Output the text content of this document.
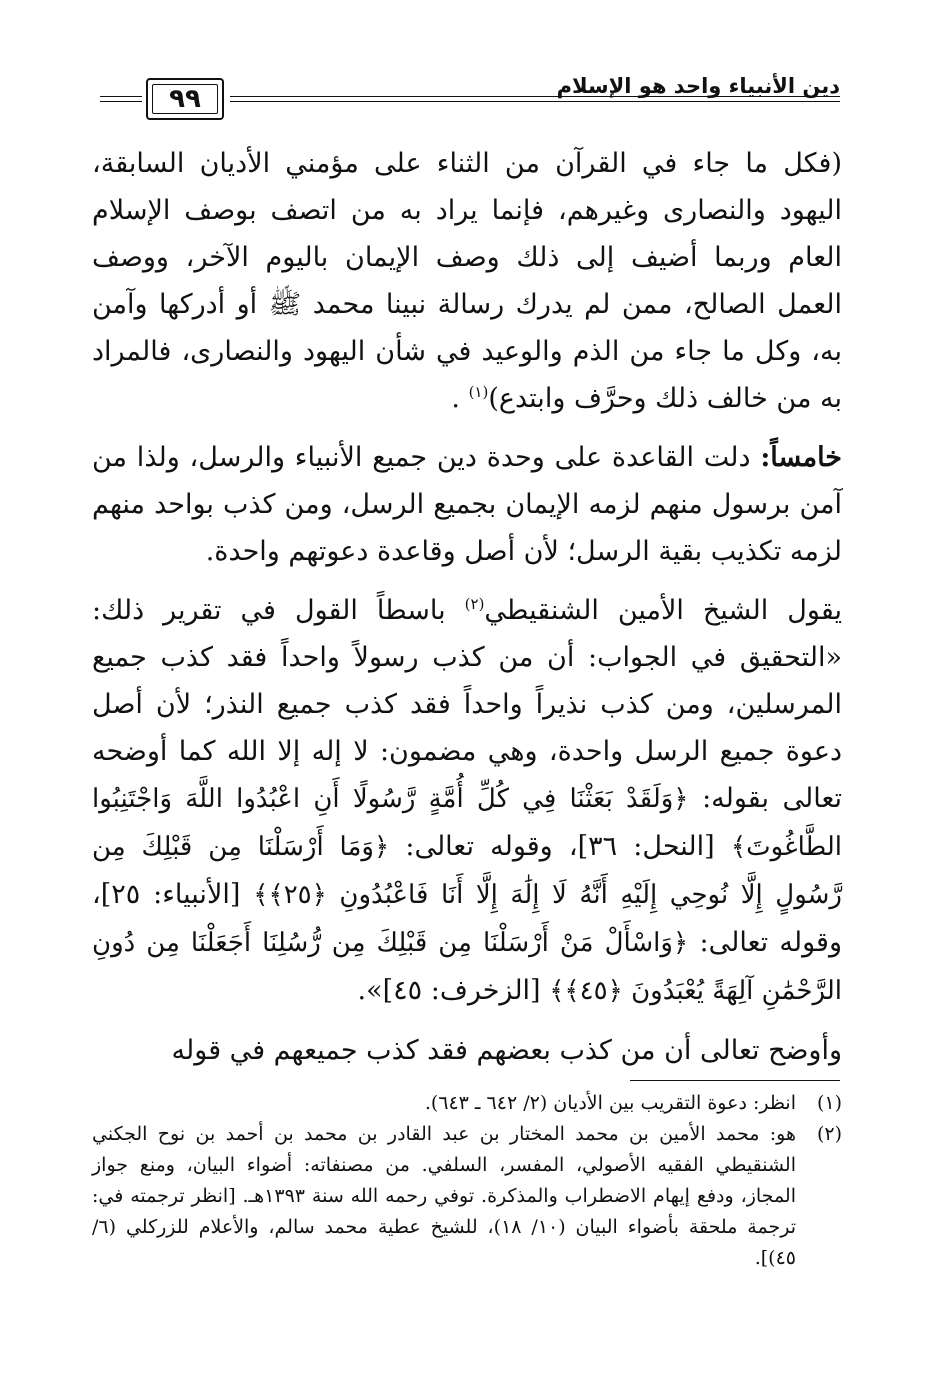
دين الأنبياء واحد هو الإسلام
٩٩

(فكل ما جاء في القرآن من الثناء على مؤمني الأديان السابقة، اليهود والنصارى وغيرهم، فإنما يراد به من اتصف بوصف الإسلام العام وربما أضيف إلى ذلك وصف الإيمان باليوم الآخر، ووصف العمل الصالح، ممن لم يدرك رسالة نبينا محمد ﷺ أو أدركها وآمن به، وكل ما جاء من الذم والوعيد في شأن اليهود والنصارى، فالمراد به من خالف ذلك وحرَّف وابتدع)$^{(١)}$ .

خامساً: دلت القاعدة على وحدة دين جميع الأنبياء والرسل، ولذا من آمن برسول منهم لزمه الإيمان بجميع الرسل، ومن كذب بواحد منهم لزمه تكذيب بقية الرسل؛ لأن أصل وقاعدة دعوتهم واحدة.

يقول الشيخ الأمين الشنقيطي$^{(٢)}$ باسطاً القول في تقرير ذلك: «التحقيق في الجواب: أن من كذب رسولاً واحداً فقد كذب جميع المرسلين، ومن كذب نذيراً واحداً فقد كذب جميع النذر؛ لأن أصل دعوة جميع الرسل واحدة، وهي مضمون: لا إله إلا الله كما أوضحه تعالى بقوله: ﴿وَلَقَدْ بَعَثْنَا فِي كُلِّ أُمَّةٍ رَّسُولًا أَنِ اعْبُدُوا اللَّهَ وَاجْتَنِبُوا الطَّاغُوتَ﴾ [النحل: ٣٦]، وقوله تعالى: ﴿وَمَا أَرْسَلْنَا مِن قَبْلِكَ مِن رَّسُولٍ إِلَّا نُوحِي إِلَيْهِ أَنَّهُ لَا إِلَٰهَ إِلَّا أَنَا فَاعْبُدُونِ ﴿٢٥﴾﴾ [الأنبياء: ٢٥]، وقوله تعالى: ﴿وَاسْأَلْ مَنْ أَرْسَلْنَا مِن قَبْلِكَ مِن رُّسُلِنَا أَجَعَلْنَا مِن دُونِ الرَّحْمَٰنِ آلِهَةً يُعْبَدُونَ ﴿٤٥﴾﴾ [الزخرف: ٤٥]».

وأوضح تعالى أن من كذب بعضهم فقد كذب جميعهم في قوله

(١)
انظر: دعوة التقريب بين الأديان (٢/ ٦٤٢ ـ ٦٤٣).
(٢)
هو: محمد الأمين بن محمد المختار بن عبد القادر بن محمد بن أحمد بن نوح الجكني الشنقيطي الفقيه الأصولي، المفسر، السلفي. من مصنفاته: أضواء البيان، ومنع جواز المجاز، ودفع إيهام الاضطراب والمذكرة. توفي رحمه الله سنة ١٣٩٣هـ. [انظر ترجمته في: ترجمة ملحقة بأضواء البيان (١٠/ ١٨)، للشيخ عطية محمد سالم، والأعلام للزركلي (٦/ ٤٥)].
